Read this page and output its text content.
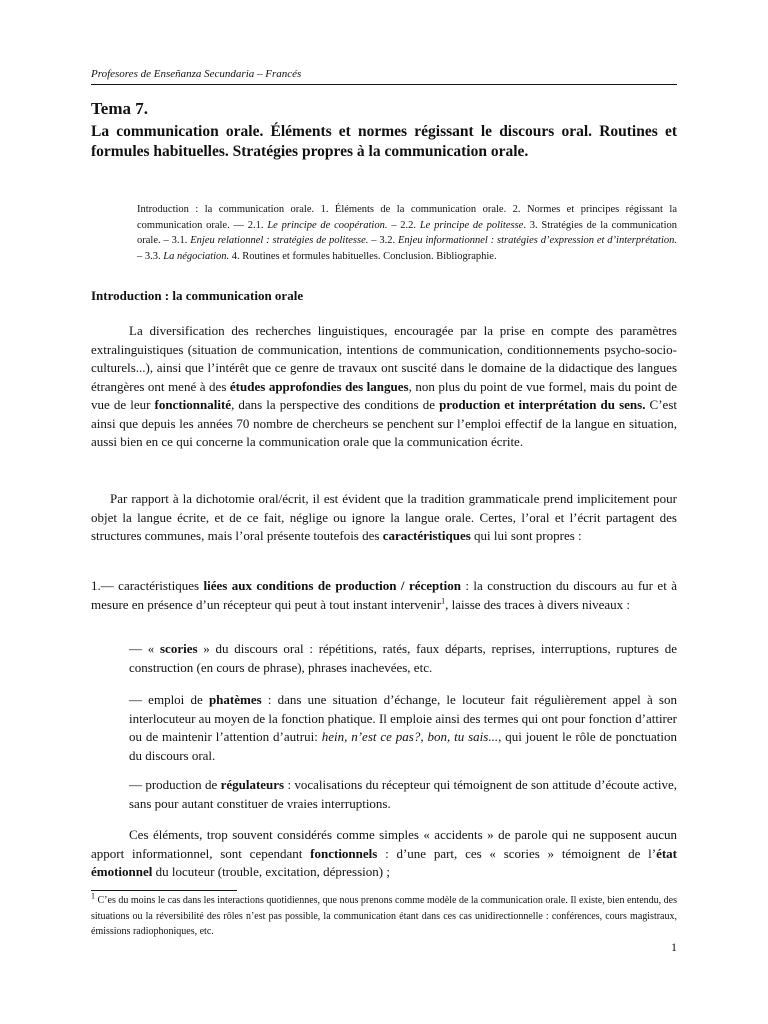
Profesores de Enseñanza Secundaria – Francés
Tema 7.
La communication orale. Éléments et normes régissant le discours oral. Routines et formules habituelles. Stratégies propres à la communication orale.
Introduction : la communication orale. 1. Éléments de la communication orale. 2. Normes et principes régissant la communication orale. — 2.1. Le principe de coopération. – 2.2. Le principe de politesse. 3. Stratégies de la communication orale. – 3.1. Enjeu relationnel : stratégies de politesse. – 3.2. Enjeu informationnel : stratégies d’expression et d’interprétation. – 3.3. La négociation. 4. Routines et formules habituelles. Conclusion. Bibliographie.
Introduction : la communication orale
La diversification des recherches linguistiques, encouragée par la prise en compte des paramètres extralinguistiques (situation de communication, intentions de communication, conditionnements psycho-socio-culturels...), ainsi que l’intérêt que ce genre de travaux ont suscité dans le domaine de la didactique des langues étrangères ont mené à des études approfondies des langues, non plus du point de vue formel, mais du point de vue de leur fonctionnalité, dans la perspective des conditions de production et interprétation du sens. C’est ainsi que depuis les années 70 nombre de chercheurs se penchent sur l’emploi effectif de la langue en situation, aussi bien en ce qui concerne la communication orale que la communication écrite.
Par rapport à la dichotomie oral/écrit, il est évident que la tradition grammaticale prend implicitement pour objet la langue écrite, et de ce fait, néglige ou ignore la langue orale. Certes, l’oral et l’écrit partagent des structures communes, mais l’oral présente toutefois des caractéristiques qui lui sont propres :
1.— caractéristiques liées aux conditions de production / réception : la construction du discours au fur et à mesure en présence d’un récepteur qui peut à tout instant intervenir$^1$, laisse des traces à divers niveaux :
— « scories » du discours oral : répétitions, ratés, faux départs, reprises, interruptions, ruptures de construction (en cours de phrase), phrases inachevées, etc.
— emploi de phatèmes : dans une situation d’échange, le locuteur fait régulièrement appel à son interlocuteur au moyen de la fonction phatique. Il emploie ainsi des termes qui ont pour fonction d’attirer ou de maintenir l’attention d’autrui: hein, n’est ce pas?, bon, tu sais..., qui jouent le rôle de ponctuation du discours oral.
— production de régulateurs : vocalisations du récepteur qui témoignent de son attitude d’écoute active, sans pour autant constituer de vraies interruptions.
Ces éléments, trop souvent considérés comme simples « accidents » de parole qui ne supposent aucun apport informationnel, sont cependant fonctionnels : d’une part, ces « scories » témoignent de l’état émotionnel du locuteur (trouble, excitation, dépression) ;
$^1$ C’es du moins le cas dans les interactions quotidiennes, que nous prenons comme modèle de la communication orale. Il existe, bien entendu, des situations ou la réversibilité des rôles n’est pas possible, la communication étant dans ces cas unidirectionnelle : conférences, cours magistraux, émissions radiophoniques, etc.
1
